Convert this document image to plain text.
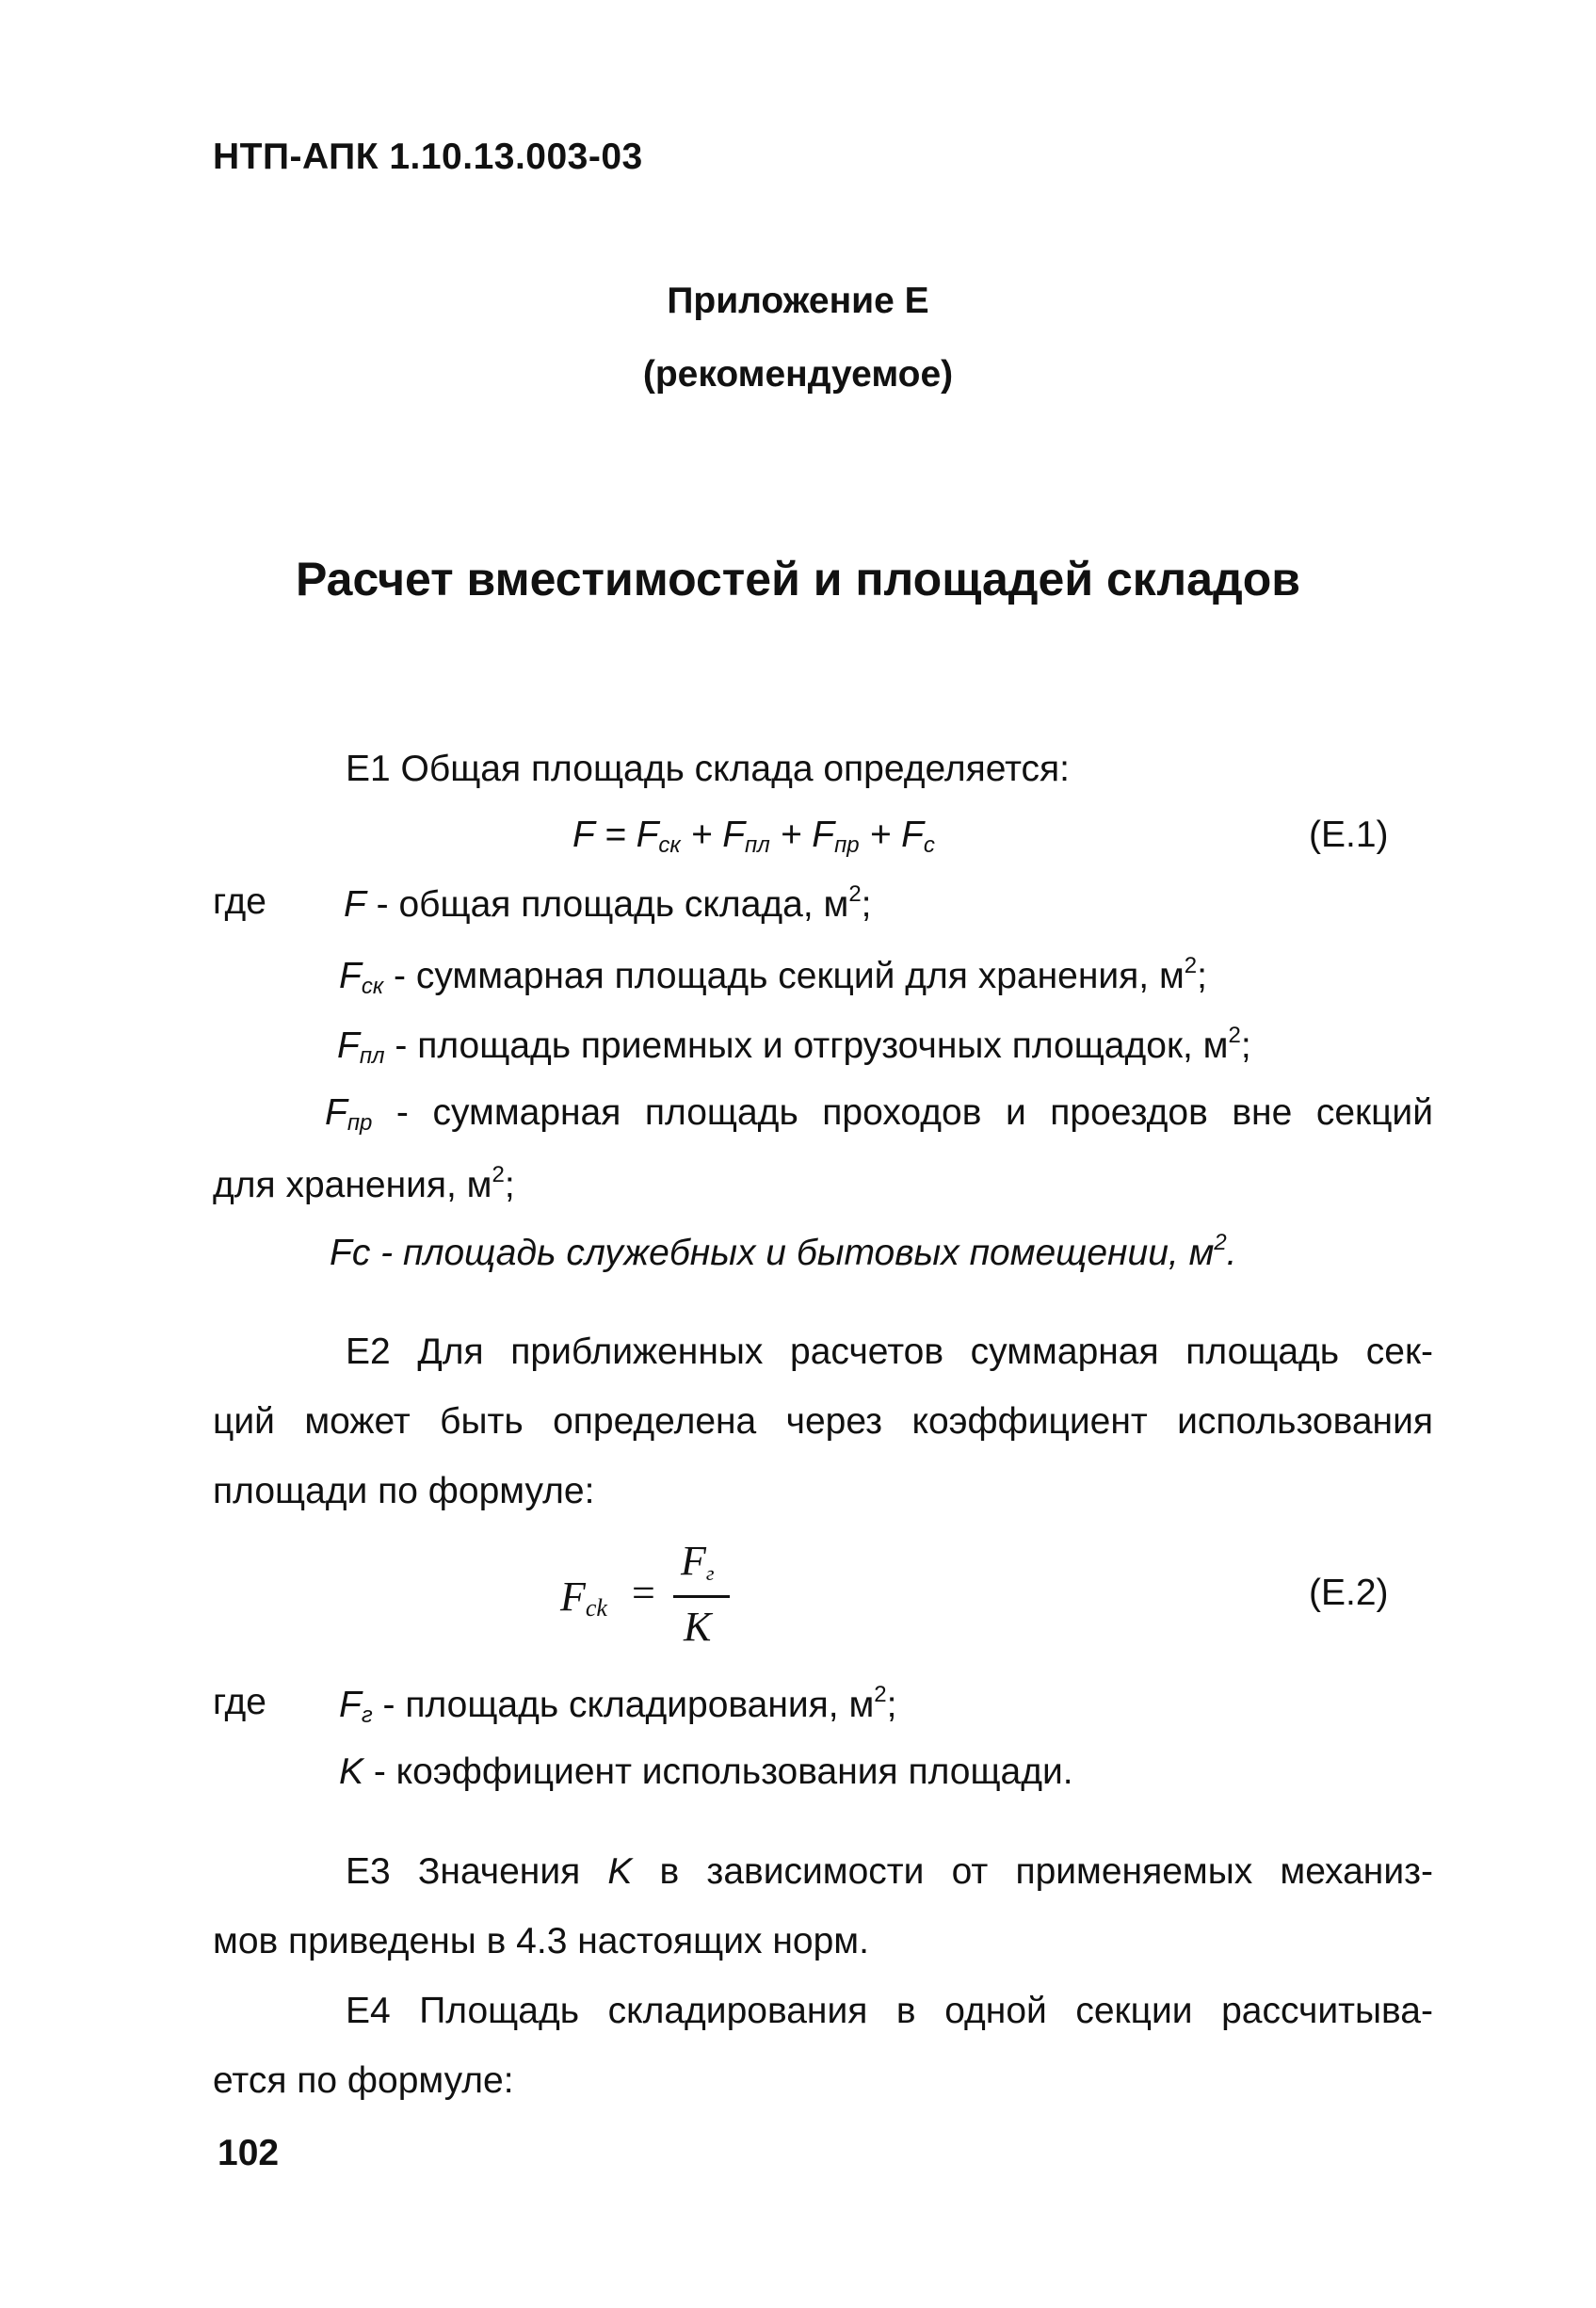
НТП-АПК 1.10.13.003-03
Приложение Е
(рекомендуемое)
Расчет вместимостей и площадей складов
Е1 Общая площадь склада определяется:
$F = F_{ск} + F_{пл} + F_{пр} + F_с$	(Е.1)
где F - общая площадь склада, $м^2$;
$F_{ск}$ - суммарная площадь секций для хранения, $м^2$;
$F_{пл}$ - площадь приемных и отгрузочных площадок, $м^2$;
$F_{пр}$ - суммарная площадь проходов и проездов вне секций
для хранения, $м^2$;
Fс - площадь служебных и бытовых помещении, $м^2$.
Е2 Для приближенных расчетов суммарная площадь сек-
ций может быть определена через коэффициент использования
площади по формуле:
$F_{ck}$ =
$F_г$
K
(Е.2)
где $F_г$ - площадь складирования, $м^2$;
K - коэффициент использования площади.
Е3 Значения K в зависимости от применяемых механиз-
мов приведены в 4.3 настоящих норм.
Е4 Площадь складирования в одной секции рассчитыва-
ется по формуле:
102
